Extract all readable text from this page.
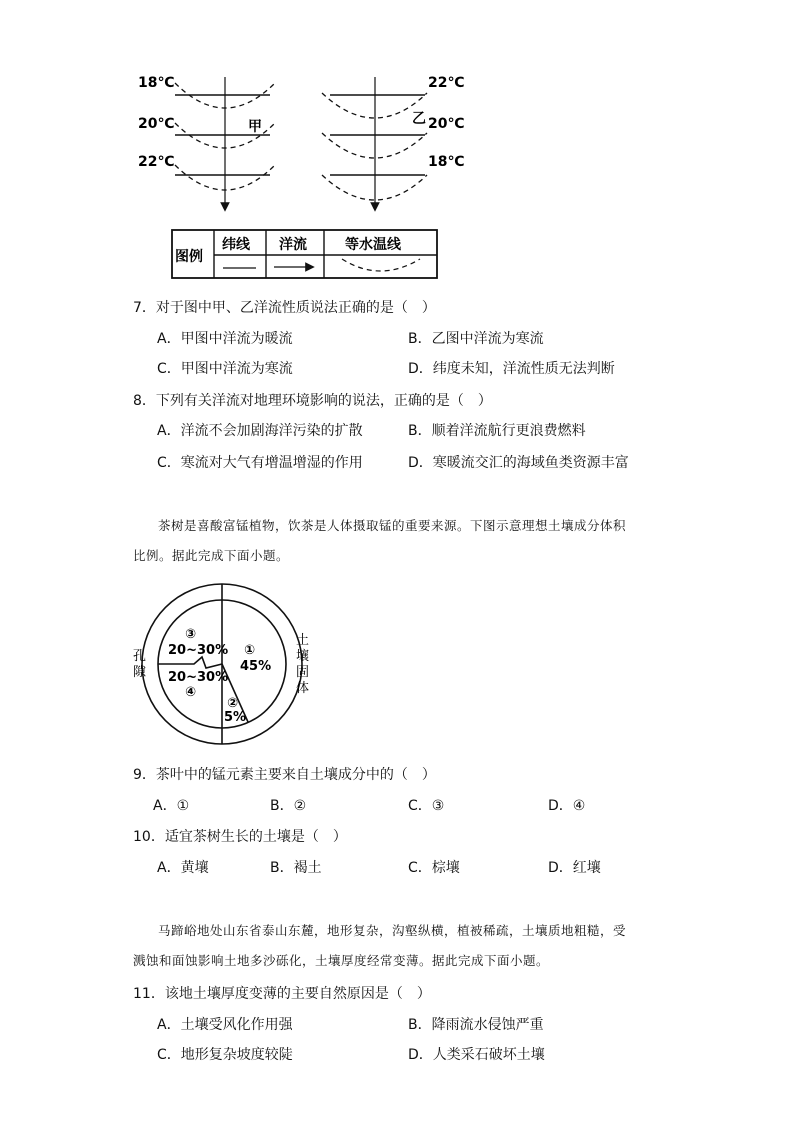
18℃
20℃
22℃
甲	乙
22℃
20℃
18℃
图例
纬线 洋流	等水温线
7．对于图中甲、乙洋流性质说法正确的是（　）
A．甲图中洋流为暖流	B．乙图中洋流为寒流
C．甲图中洋流为寒流	D．纬度未知，洋流性质无法判断
8．下列有关洋流对地理环境影响的说法，正确的是（　）
A．洋流不会加剧海洋污染的扩散	B．顺着洋流航行更浪费燃料
C．寒流对大气有增温增湿的作用	D．寒暖流交汇的海域鱼类资源丰富
茶树是喜酸富锰植物，饮茶是人体摄取锰的重要来源。下图示意理想土壤成分体积
比例。据此完成下面小题。
孔
隙
土
壤
固
体
①
45%
②
5%
③
20~30%
20~30%
④
9．茶叶中的锰元素主要来自土壤成分中的（　）
A．①	B．②	C．③	D．④
10．适宜茶树生长的土壤是（　）
A．黄壤	B．褐土	C．棕壤	D．红壤
马蹄峪地处山东省泰山东麓，地形复杂，沟壑纵横，植被稀疏，土壤质地粗糙，受
溅蚀和面蚀影响土地多沙砾化，土壤厚度经常变薄。据此完成下面小题。
11．该地土壤厚度变薄的主要自然原因是（　）
A．土壤受风化作用强	B．降雨流水侵蚀严重
C．地形复杂坡度较陡	D．人类采石破坏土壤
